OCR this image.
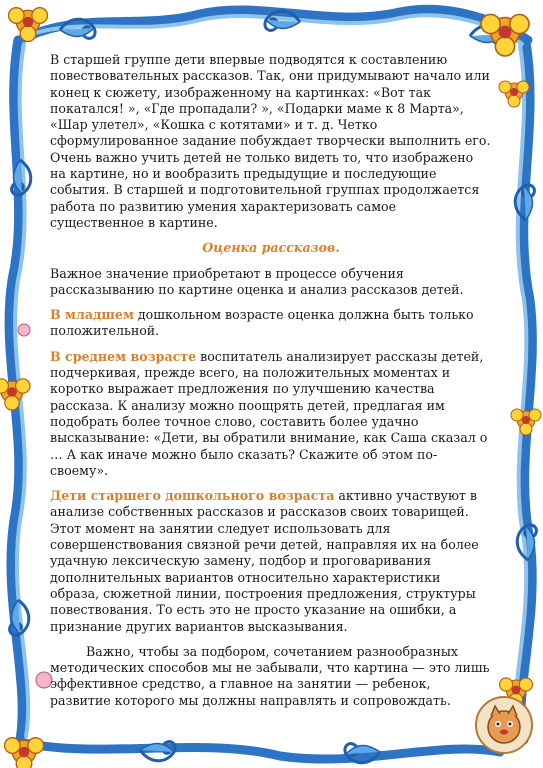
В старшей группе дети впервые подводятся к составлению повествовательных рассказов. Так, они придумывают начало или конец к сюжету, изображенному на картинках: «Вот так покатался! », «Где пропадали? », «Подарки маме к 8 Марта», «Шар улетел», «Кошка с котятами» и т. д. Четко сформулированное задание побуждает творчески выполнить его. Очень важно учить детей не только видеть то, что изображено на картине, но и вообразить предыдущие и последующие события. В старшей и подготовительной группах продолжается работа по развитию умения характеризовать самое существенное в картине.

Оценка рассказов.

Важное значение приобретают в процессе обучения рассказыванию по картине оценка и анализ рассказов детей.

В младшем дошкольном возрасте оценка должна быть только положительной.

В среднем возрасте воспитатель анализирует рассказы детей, подчеркивая, прежде всего, на положительных моментах и коротко выражает предложения по улучшению качества рассказа. К анализу можно поощрять детей, предлагая им подобрать более точное слово, составить более удачно высказывание: «Дети, вы обратили внимание, как Саша сказал о … А как иначе можно было сказать? Скажите об этом по-своему».

Дети старшего дошкольного возраста активно участвуют в анализе собственных рассказов и рассказов своих товарищей. Этот момент на занятии следует использовать для совершенствования связной речи детей, направляя их на более удачную лексическую замену, подбор и проговаривания дополнительных вариантов относительно характеристики образа, сюжетной линии, построения предложения, структуры повествования. То есть это не просто указание на ошибки, а признание других вариантов высказывания.

Важно, чтобы за подбором, сочетанием разнообразных методических способов мы не забывали, что картина — это лишь эффективное средство, а главное на занятии — ребенок, развитие которого мы должны направлять и сопровождать.
